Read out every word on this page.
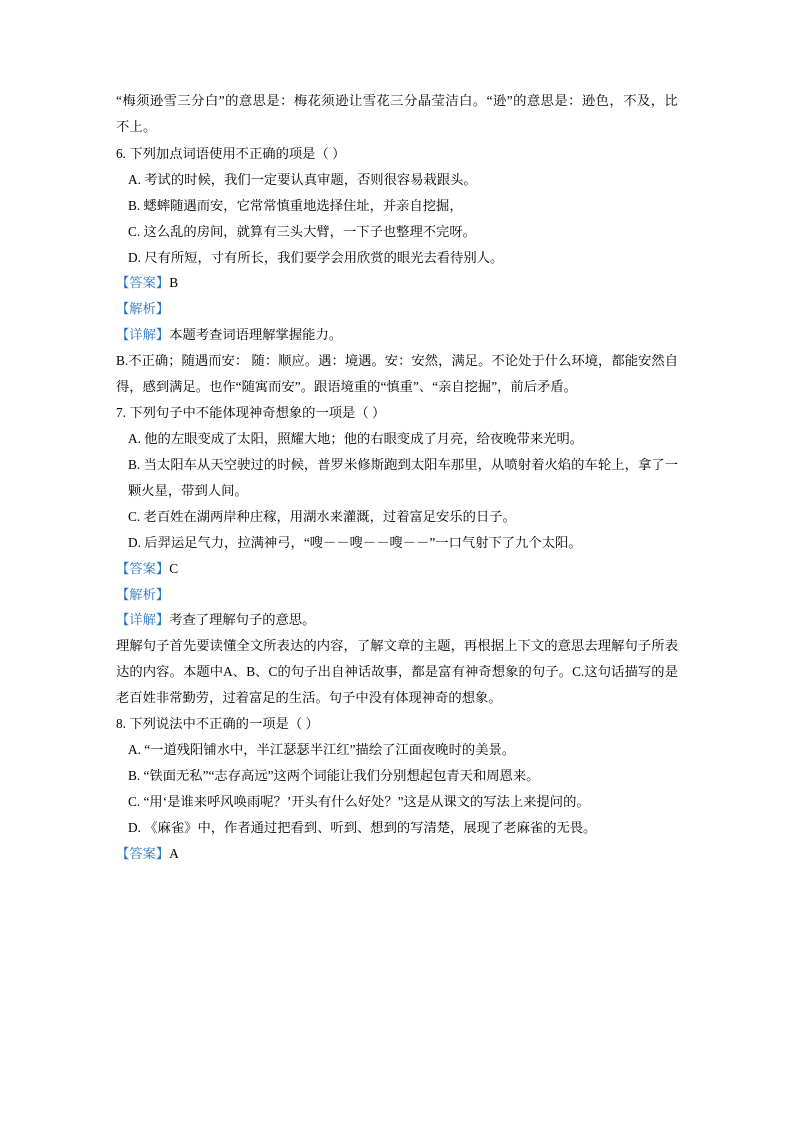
“梅须逊雪三分白”的意思是：梅花须逊让雪花三分晶莹洁白。“逊”的意思是：逊色，不及，比不上。
6. 下列加点词语使用不正确的项是（ ）
A. 考试的时候，我们一定要认真审题，否则很容易栽跟头。
B. 蟋蟀随遇而安，它常常慎重地选择住址，并亲自挖掘，
C. 这么乱的房间，就算有三头大臂，一下子也整理不完呀。
D. 尺有所短，寸有所长，我们要学会用欣赏的眼光去看待别人。
【答案】B
【解析】
【详解】本题考查词语理解掌握能力。
B.不正确；随遇而安： 随：顺应。遇：境遇。安：安然，满足。不论处于什么环境，都能安然自得，感到满足。也作“随寓而安”。跟语境重的“慎重”、“亲自挖掘”，前后矛盾。
7. 下列句子中不能体现神奇想象的一项是（ ）
A. 他的左眼变成了太阳，照耀大地；他的右眼变成了月亮，给夜晚带来光明。
B. 当太阳车从天空驶过的时候，普罗米修斯跑到太阳车那里，从喷射着火焰的车轮上，拿了一颗火星，带到人间。
C. 老百姓在湖两岸种庄稼，用湖水来灌溉，过着富足安乐的日子。
D. 后羿运足气力，拉满神弓，“嗖－－嗖－－嗖－－”一口气射下了九个太阳。
【答案】C
【解析】
【详解】考查了理解句子的意思。
理解句子首先要读懂全文所表达的内容，了解文章的主题，再根据上下文的意思去理解句子所表达的内容。本题中A、B、C的句子出自神话故事，都是富有神奇想象的句子。C.这句话描写的是老百姓非常勤劳，过着富足的生活。句子中没有体现神奇的想象。
8. 下列说法中不正确的一项是（ ）
A. “一道残阳铺水中，半江瑟瑟半江红”描绘了江面夜晚时的美景。
B. “铁面无私”“志存高远”这两个词能让我们分别想起包青天和周恩来。
C. “用‘是谁来呼风唤雨呢？’开头有什么好处？”这是从课文的写法上来提问的。
D. 《麻雀》中，作者通过把看到、听到、想到的写清楚，展现了老麻雀的无畏。
【答案】A
